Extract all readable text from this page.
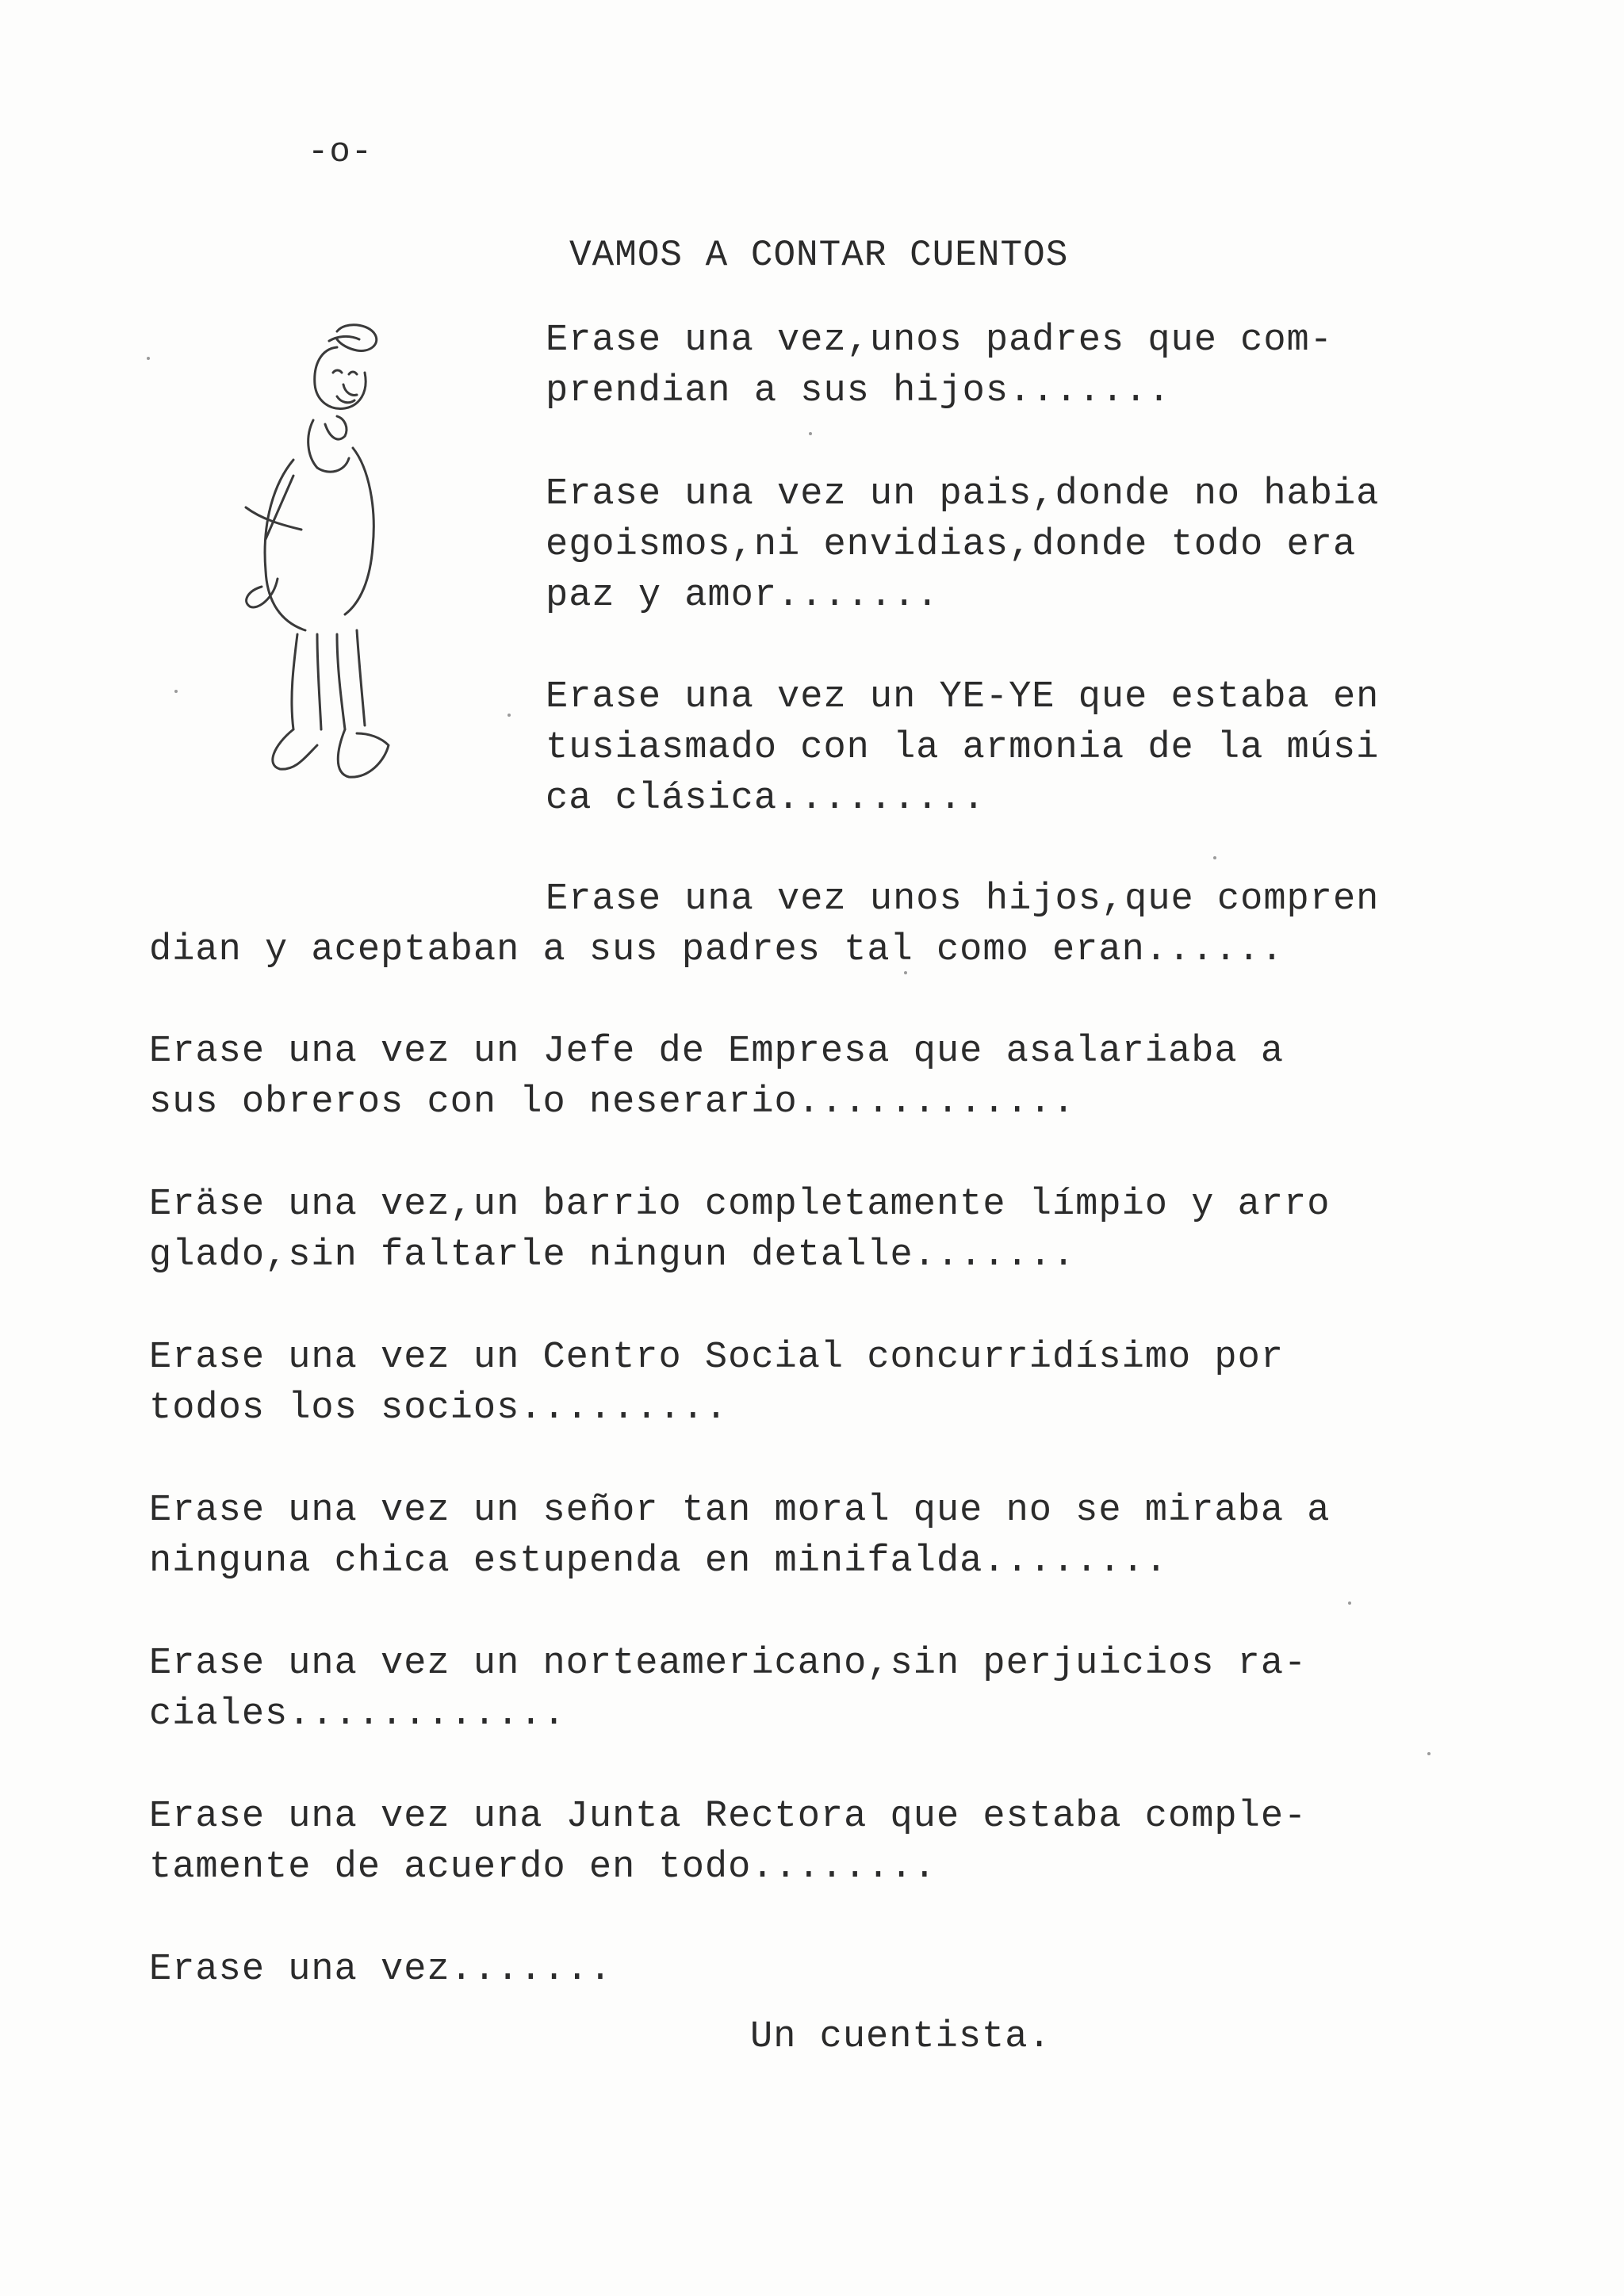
-o-
VAMOS A CONTAR CUENTOS
Erase una vez,unos padres que com-
prendian a sus hijos.......
Erase una vez un pais,donde no habia
egoismos,ni envidias,donde todo era
paz y amor.......
Erase una vez un YE-YE que estaba en
tusiasmado con la armonia de la músi
ca clásica.........
Erase una vez unos hijos,que compren
dian y aceptaban a sus padres tal como eran......
Erase una vez un Jefe de Empresa que asalariaba a
sus obreros con lo neserario............
Eräse una vez,un barrio completamente límpio y arro
glado,sin faltarle ningun detalle.......
Erase una vez un Centro Social concurridísimo por
todos los socios.........
Erase una vez un señor tan moral que no se miraba a
ninguna chica estupenda en minifalda........
Erase una vez un norteamericano,sin perjuicios ra-
ciales............
Erase una vez una Junta Rectora que estaba comple-
tamente de acuerdo en todo........
Erase una vez.......
Un cuentista.
